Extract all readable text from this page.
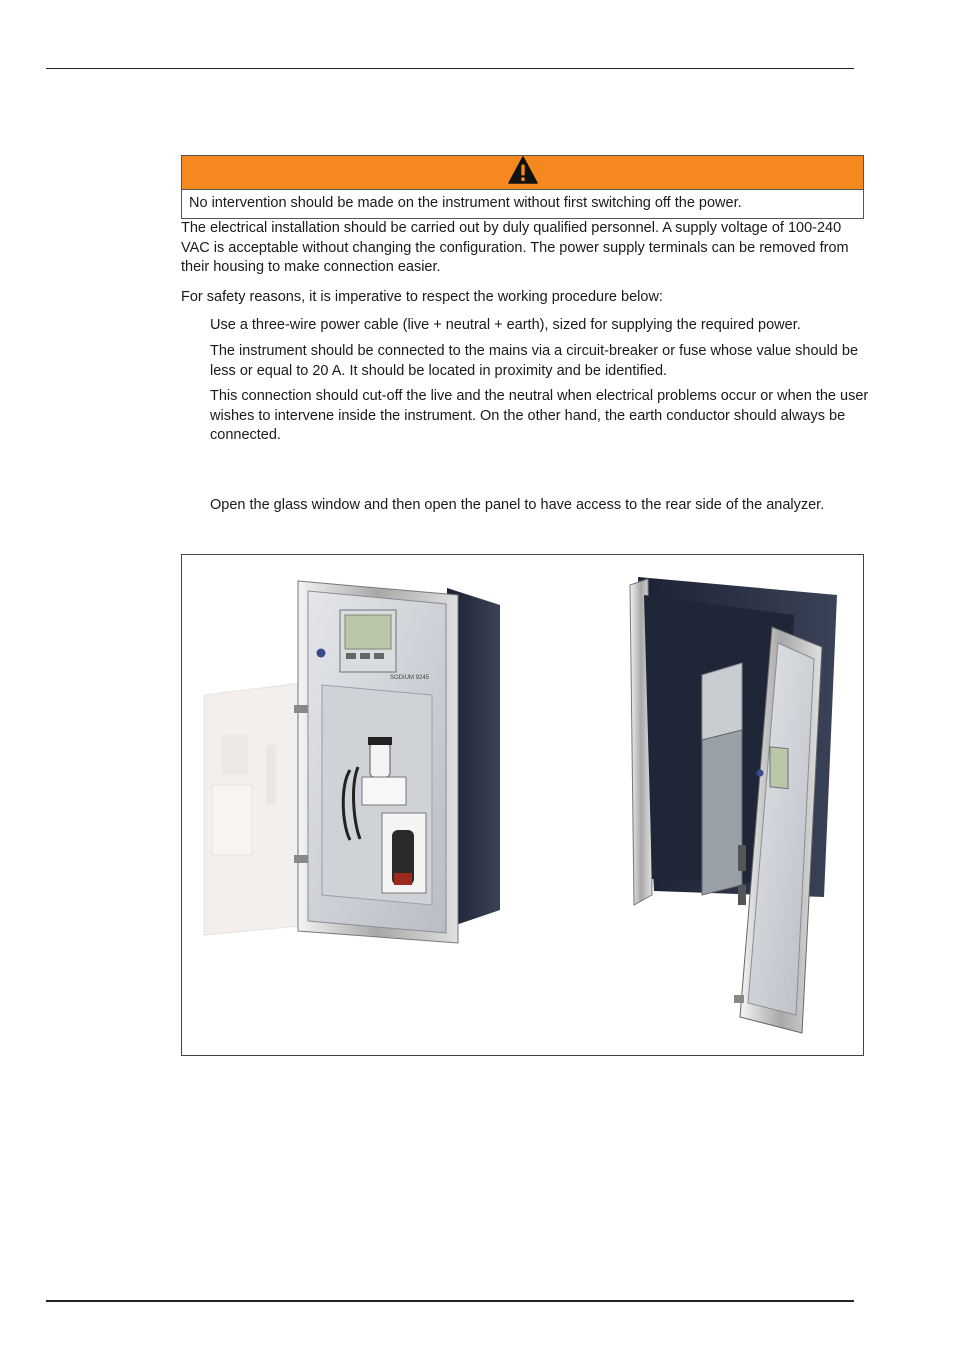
No intervention should be made on the instrument without first switching off the power.

The electrical installation should be carried out by duly qualified personnel. A supply voltage of 100-240 VAC is acceptable without changing the configuration. The power supply terminals can be removed from their housing to make connection easier.

For safety reasons, it is imperative to respect the working procedure below:

Use a three-wire power cable (live + neutral + earth), sized for supplying the required power.
The instrument should be connected to the mains via a circuit-breaker or fuse whose value should be less or equal to 20 A. It should be located in proximity and be identified.
This connection should cut-off the live and the neutral when electrical problems occur or when the user wishes to intervene inside the instrument. On the other hand, the earth conductor should always be connected.
Open the glass window and then open the panel to have access to the rear side of the analyzer.
SODIUM 9245
